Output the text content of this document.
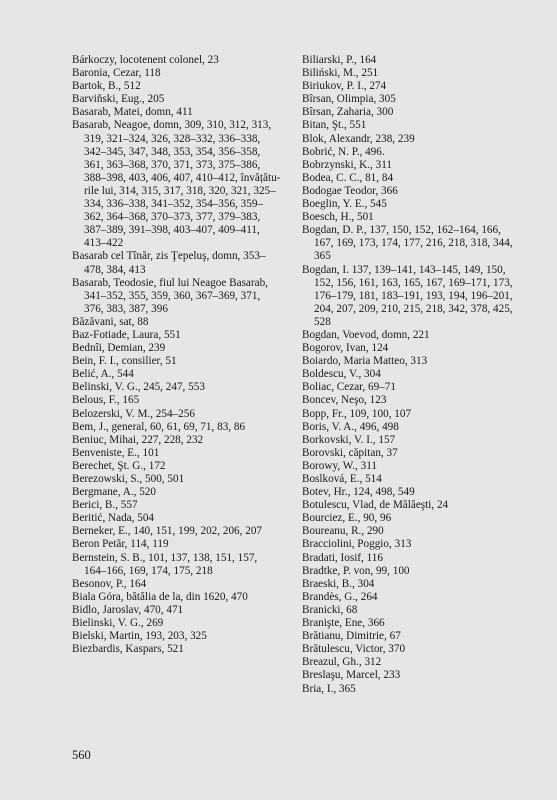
Bárkoczy, locotenent colonel, 23

Baronia, Cezar, 118

Bartok, B., 512

Barviňski, Eug., 205

Basarab, Matei, domn, 411

Basarab, Neagoe, domn, 309, 310, 312, 313, 319, 321–324, 326, 328–332, 336–338, 342–345, 347, 348, 353, 354, 356–358, 361, 363–368, 370, 371, 373, 375–386, 388–398, 403, 406, 407, 410–412, învățătu-rile lui, 314, 315, 317, 318, 320, 321, 325–334, 336–338, 341–352, 354–356, 359–362, 364–368, 370–373, 377, 379–383, 387–389, 391–398, 403–407, 409–411, 413–422

Basarab cel Tînăr, zis Ţepeluş, domn, 353–478, 384, 413

Basarab, Teodosie, fiul lui Neagoe Basarab, 341–352, 355, 359, 360, 367–369, 371, 376, 383, 387, 396

Băzăvani, sat, 88

Baz-Fotiade, Laura, 551

Bednîi, Demian, 239

Bein, F. I., consilier, 51

Belić, A., 544

Belinski, V. G., 245, 247, 553

Belous, F., 165

Belozerski, V. M., 254–256

Bem, J., general, 60, 61, 69, 71, 83, 86

Beniuc, Mihai, 227, 228, 232

Benveniste, E., 101

Berechet, Şt. G., 172

Berezowski, S., 500, 501

Bergmane, A., 520

Berici, B., 557

Beritić, Nada, 504

Berneker, E., 140, 151, 199, 202, 206, 207

Beron Petăr, 114, 119

Bernstein, S. B., 101, 137, 138, 151, 157, 164–166, 169, 174, 175, 218

Besonov, P., 164

Biala Góra, bătălia de la, din 1620, 470

Bidlo, Jaroslav, 470, 471

Bielinski, V. G., 269

Bielski, Martin, 193, 203, 325

Biezbardis, Kaspars, 521

Biliarski, P., 164

Biliński, M., 251

Biriukov, P. I., 274

Bîrsan, Olimpia, 305

Bîrsan, Zaharia, 300

Bitan, Şt., 551

Blok, Alexandr, 238, 239

Bobrić, N. P., 496.

Bobrzynski, K., 311

Bodea, C. C., 81, 84

Bodogae Teodor, 366

Boeglin, Y. E., 545

Boesch, H., 501

Bogdan, D. P., 137, 150, 152, 162–164, 166, 167, 169, 173, 174, 177, 216, 218, 318, 344, 365

Bogdan, I. 137, 139–141, 143–145, 149, 150, 152, 156, 161, 163, 165, 167, 169–171, 173, 176–179, 181, 183–191, 193, 194, 196–201, 204, 207, 209, 210, 215, 218, 342, 378, 425, 528

Bogdan, Voevod, domn, 221

Bogorov, Ivan, 124

Boiardo, Maria Matteo, 313

Boldescu, V., 304

Boliac, Cezar, 69–71

Boncev, Neşo, 123

Bopp, Fr., 109, 100, 107

Boris, V. A., 496, 498

Borkovski, V. I., 157

Borovski, căpitan, 37

Borowy, W., 311

Boslková, E., 514

Botev, Hr., 124, 498, 549

Botulescu, Vlad, de Mălăeşti, 24

Bourciez, E., 90, 96

Boureanu, R., 290

Bracciolini, Poggio, 313

Bradati, Iosif, 116

Bradtke, P. von, 99, 100

Braeski, B., 304

Brandès, G., 264

Branicki, 68

Branişte, Ene, 366

Brătianu, Dimitrie, 67

Brătulescu, Victor, 370

Breazul, Gh., 312

Breslaşu, Marcel, 233

Bria, I., 365

560
